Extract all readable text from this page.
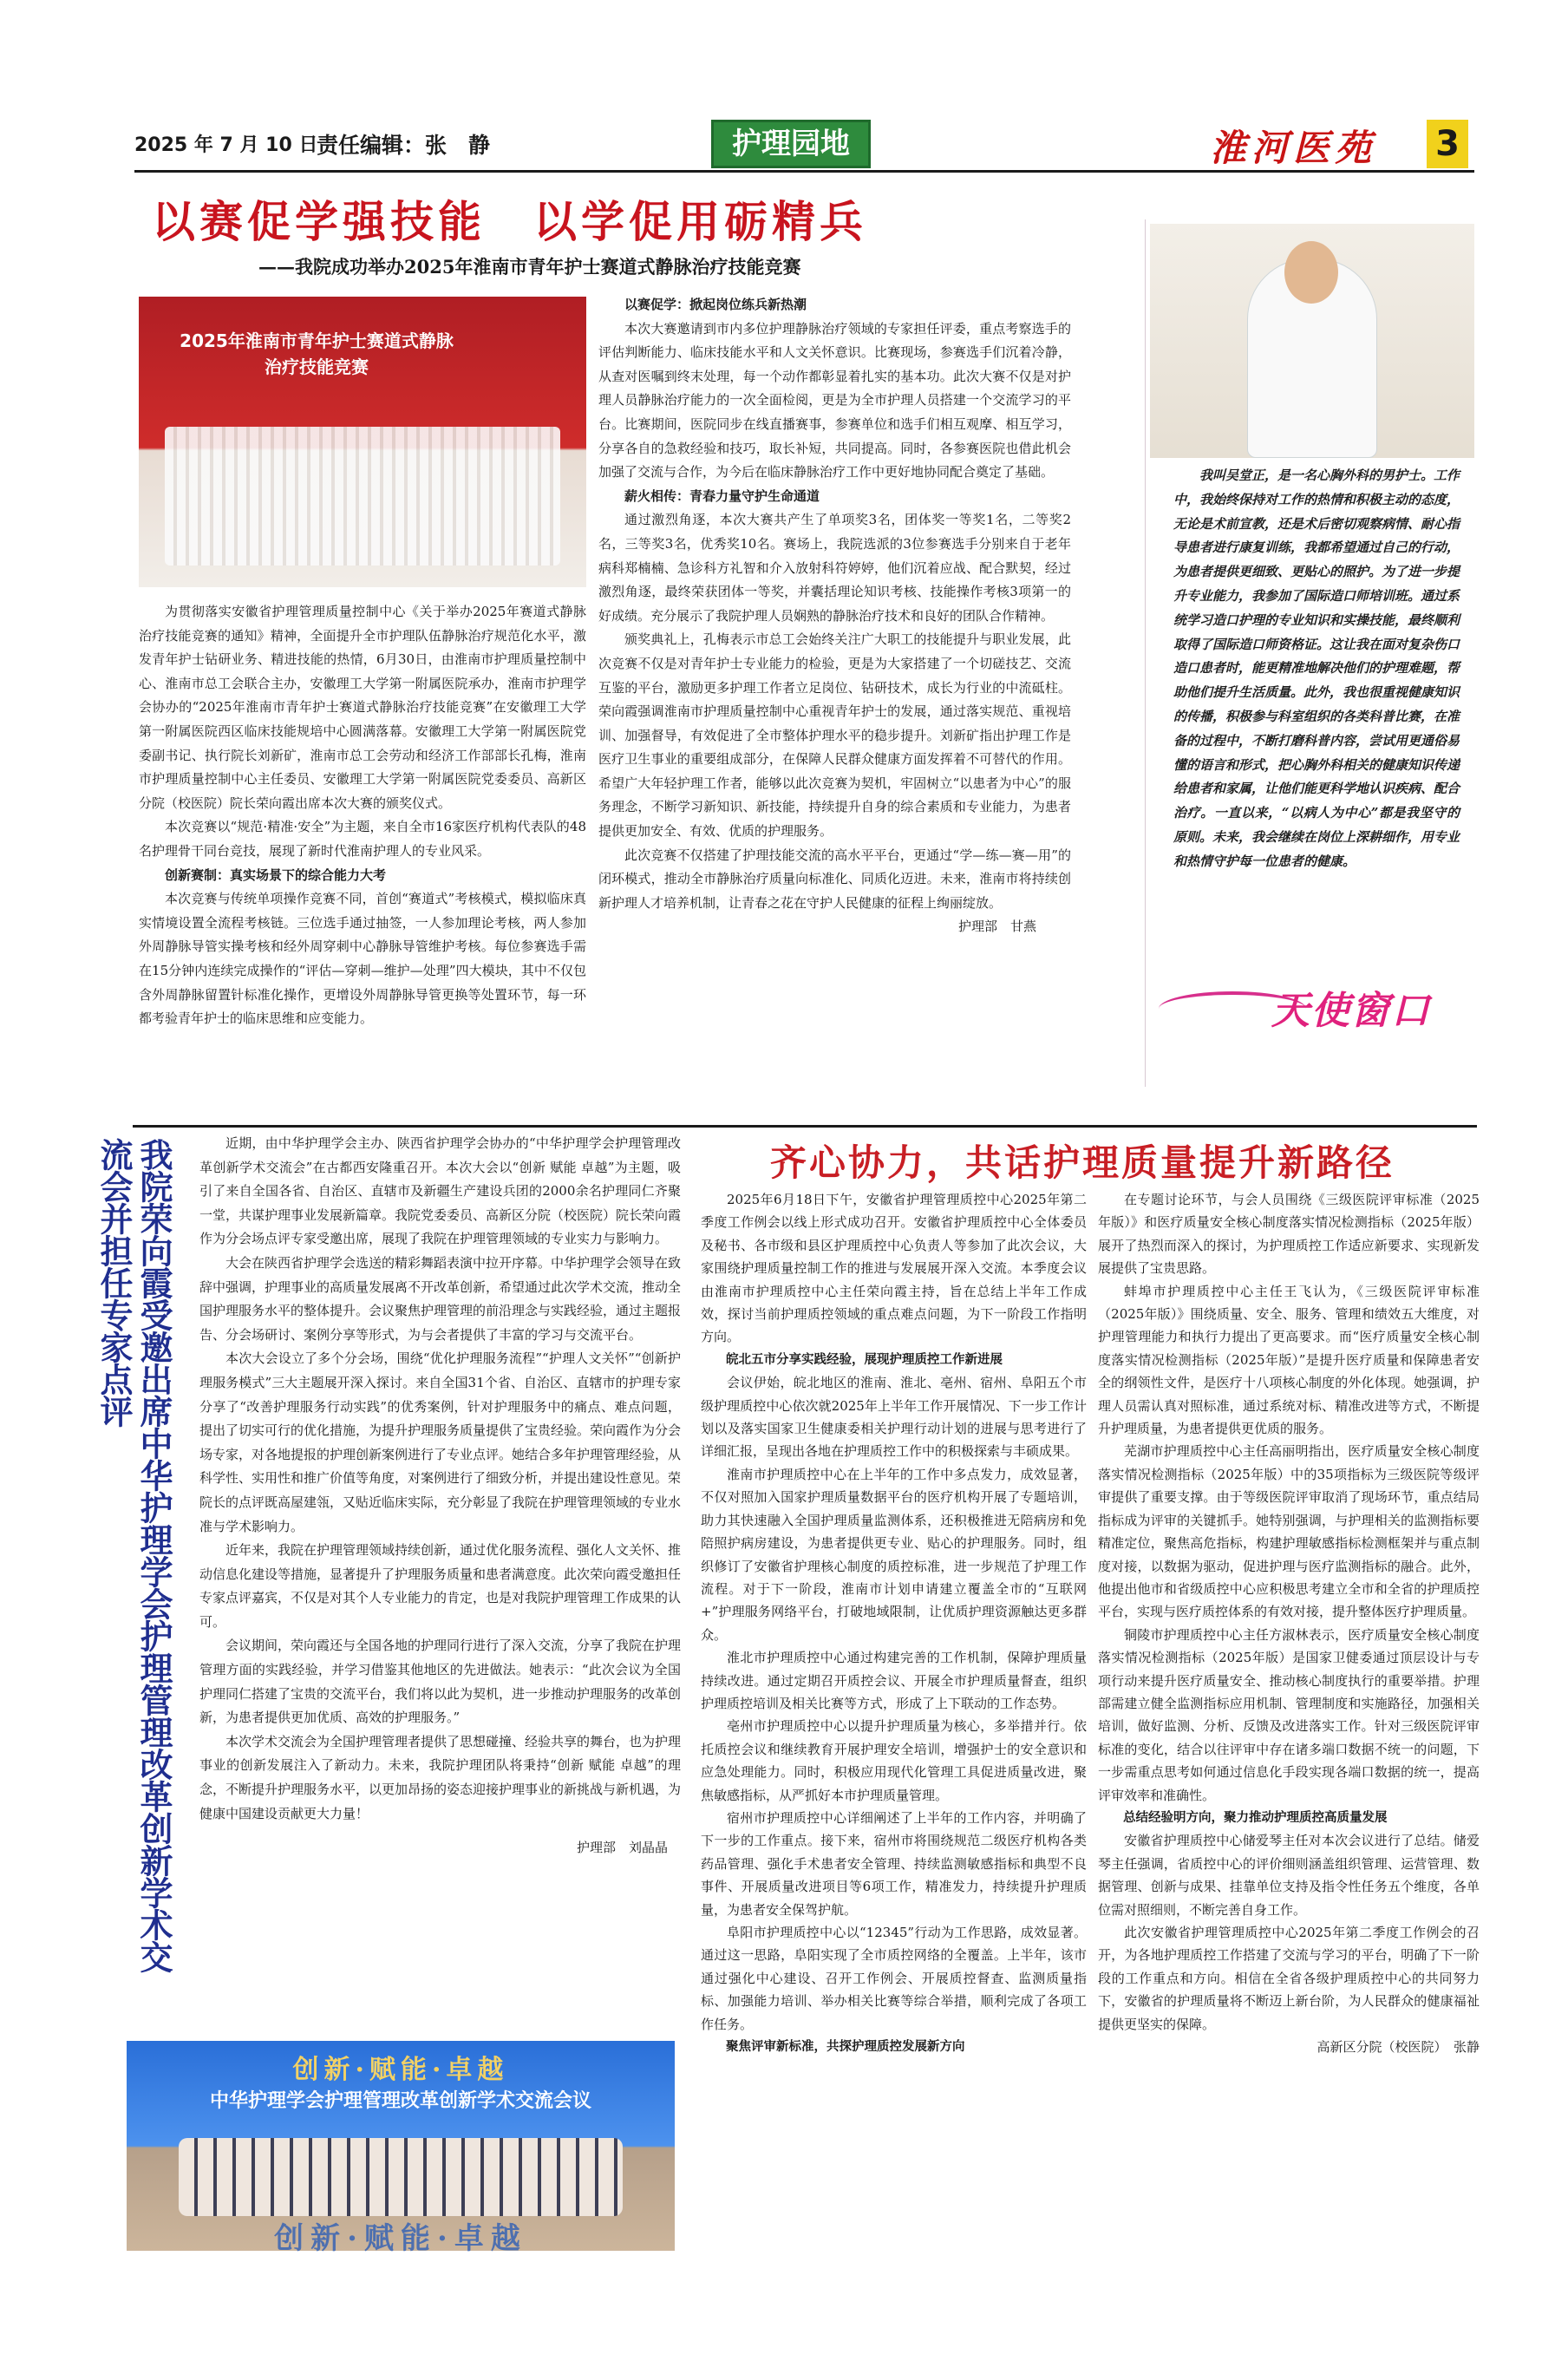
2025 年 7 月 10 日
责任编辑： 张　静	护理园地	淮河医苑 3
以赛促学强技能　以学促用砺精兵
——我院成功举办2025年淮南市青年护士赛道式静脉治疗技能竞赛
2025年淮南市青年护士赛道式静脉治疗技能竞赛

为贯彻落实安徽省护理管理质量控制中心《关于举办2025年赛道式静脉治疗技能竞赛的通知》精神，全面提升全市护理队伍静脉治疗规范化水平，激发青年护士钻研业务、精进技能的热情，6月30日，由淮南市护理质量控制中心、淮南市总工会联合主办，安徽理工大学第一附属医院承办，淮南市护理学会协办的“2025年淮南市青年护士赛道式静脉治疗技能竞赛”在安徽理工大学第一附属医院西区临床技能规培中心圆满落幕。安徽理工大学第一附属医院党委副书记、执行院长刘新矿，淮南市总工会劳动和经济工作部部长孔梅，淮南市护理质量控制中心主任委员、安徽理工大学第一附属医院党委委员、高新区分院（校医院）院长荣向霞出席本次大赛的颁奖仪式。

本次竞赛以“规范·精准·安全”为主题，来自全市16家医疗机构代表队的48名护理骨干同台竞技，展现了新时代淮南护理人的专业风采。

创新赛制：真实场景下的综合能力大考

本次竞赛与传统单项操作竞赛不同，首创“赛道式”考核模式，模拟临床真实情境设置全流程考核链。三位选手通过抽签，一人参加理论考核，两人参加外周静脉导管实操考核和经外周穿刺中心静脉导管维护考核。每位参赛选手需在15分钟内连续完成操作的“评估—穿刺—维护—处理”四大模块，其中不仅包含外周静脉留置针标准化操作，更增设外周静脉导管更换等处置环节，每一环都考验青年护士的临床思维和应变能力。

以赛促学：掀起岗位练兵新热潮

本次大赛邀请到市内多位护理静脉治疗领域的专家担任评委，重点考察选手的评估判断能力、临床技能水平和人文关怀意识。比赛现场，参赛选手们沉着冷静，从查对医嘱到终末处理，每一个动作都彰显着扎实的基本功。此次大赛不仅是对护理人员静脉治疗能力的一次全面检阅，更是为全市护理人员搭建一个交流学习的平台。比赛期间，医院同步在线直播赛事，参赛单位和选手们相互观摩、相互学习，分享各自的急救经验和技巧，取长补短，共同提高。同时，各参赛医院也借此机会加强了交流与合作，为今后在临床静脉治疗工作中更好地协同配合奠定了基础。

薪火相传：青春力量守护生命通道

通过激烈角逐，本次大赛共产生了单项奖3名，团体奖一等奖1名，二等奖2名，三等奖3名，优秀奖10名。赛场上，我院选派的3位参赛选手分别来自于老年病科郑楠楠、急诊科方礼智和介入放射科符婷婷，他们沉着应战、配合默契，经过激烈角逐，最终荣获团体一等奖，并囊括理论知识考核、技能操作考核3项第一的好成绩。充分展示了我院护理人员娴熟的静脉治疗技术和良好的团队合作精神。

颁奖典礼上，孔梅表示市总工会始终关注广大职工的技能提升与职业发展，此次竞赛不仅是对青年护士专业能力的检验，更是为大家搭建了一个切磋技艺、交流互鉴的平台，激励更多护理工作者立足岗位、钻研技术，成长为行业的中流砥柱。荣向霞强调淮南市护理质量控制中心重视青年护士的发展，通过落实规范、重视培训、加强督导，有效促进了全市整体护理水平的稳步提升。刘新矿指出护理工作是医疗卫生事业的重要组成部分，在保障人民群众健康方面发挥着不可替代的作用。希望广大年轻护理工作者，能够以此次竞赛为契机，牢固树立“以患者为中心”的服务理念，不断学习新知识、新技能，持续提升自身的综合素质和专业能力，为患者提供更加安全、有效、优质的护理服务。

此次竞赛不仅搭建了护理技能交流的高水平平台，更通过“学—练—赛—用”的闭环模式，推动全市静脉治疗质量向标准化、同质化迈进。未来，淮南市将持续创新护理人才培养机制，让青春之花在守护人民健康的征程上绚丽绽放。

护理部　甘燕

我叫吴堂正，是一名心胸外科的男护士。工作中，我始终保持对工作的热情和积极主动的态度，无论是术前宣教，还是术后密切观察病情、耐心指导患者进行康复训练，我都希望通过自己的行动，为患者提供更细致、更贴心的照护。为了进一步提升专业能力，我参加了国际造口师培训班。通过系统学习造口护理的专业知识和实操技能，最终顺利取得了国际造口师资格证。这让我在面对复杂伤口造口患者时，能更精准地解决他们的护理难题，帮助他们提升生活质量。此外，我也很重视健康知识的传播，积极参与科室组织的各类科普比赛，在准备的过程中，不断打磨科普内容，尝试用更通俗易懂的语言和形式，把心胸外科相关的健康知识传递给患者和家属，让他们能更科学地认识疾病、配合治疗。一直以来，“以病人为中心”都是我坚守的原则。未来，我会继续在岗位上深耕细作，用专业和热情守护每一位患者的健康。
天使窗口
我院荣向霞受邀出席中华护理学会护理管理改革创新学术交流会并担任专家点评	近期，由中华护理学会主办、陕西省护理学会协办的“中华护理学会护理管理改革创新学术交流会”在古都西安隆重召开。本次大会以“创新 赋能 卓越”为主题，吸引了来自全国各省、自治区、直辖市及新疆生产建设兵团的2000余名护理同仁齐聚一堂，共谋护理事业发展新篇章。我院党委委员、高新区分院（校医院）院长荣向霞作为分会场点评专家受邀出席，展现了我院在护理管理领域的专业实力与影响力。

大会在陕西省护理学会选送的精彩舞蹈表演中拉开序幕。中华护理学会领导在致辞中强调，护理事业的高质量发展离不开改革创新，希望通过此次学术交流，推动全国护理服务水平的整体提升。会议聚焦护理管理的前沿理念与实践经验，通过主题报告、分会场研讨、案例分享等形式，为与会者提供了丰富的学习与交流平台。

本次大会设立了多个分会场，围绕“优化护理服务流程”“护理人文关怀”“创新护理服务模式”三大主题展开深入探讨。来自全国31个省、自治区、直辖市的护理专家分享了“改善护理服务行动实践”的优秀案例，针对护理服务中的痛点、难点问题，提出了切实可行的优化措施，为提升护理服务质量提供了宝贵经验。荣向霞作为分会场专家，对各地提报的护理创新案例进行了专业点评。她结合多年护理管理经验，从科学性、实用性和推广价值等角度，对案例进行了细致分析，并提出建设性意见。荣院长的点评既高屋建瓴，又贴近临床实际，充分彰显了我院在护理管理领域的专业水准与学术影响力。

近年来，我院在护理管理领域持续创新，通过优化服务流程、强化人文关怀、推动信息化建设等措施，显著提升了护理服务质量和患者满意度。此次荣向霞受邀担任专家点评嘉宾，不仅是对其个人专业能力的肯定，也是对我院护理管理工作成果的认可。

会议期间，荣向霞还与全国各地的护理同行进行了深入交流，分享了我院在护理管理方面的实践经验，并学习借鉴其他地区的先进做法。她表示：“此次会议为全国护理同仁搭建了宝贵的交流平台，我们将以此为契机，进一步推动护理服务的改革创新，为患者提供更加优质、高效的护理服务。”

本次学术交流会为全国护理管理者提供了思想碰撞、经验共享的舞台，也为护理事业的创新发展注入了新动力。未来，我院护理团队将秉持“创新 赋能 卓越”的理念，不断提升护理服务水平，以更加昂扬的姿态迎接护理事业的新挑战与新机遇，为健康中国建设贡献更大力量！

护理部　刘晶晶

创新·赋能·卓越
中华护理学会护理管理改革创新学术交流会议
创新·赋能·卓越
齐心协力，共话护理质量提升新路径

2025年6月18日下午，安徽省护理管理质控中心2025年第二季度工作例会以线上形式成功召开。安徽省护理质控中心全体委员及秘书、各市级和县区护理质控中心负责人等参加了此次会议，大家围绕护理质量控制工作的推进与发展展开深入交流。本季度会议由淮南市护理质控中心主任荣向霞主持，旨在总结上半年工作成效，探讨当前护理质控领域的重点难点问题，为下一阶段工作指明方向。

皖北五市分享实践经验，展现护理质控工作新进展

会议伊始，皖北地区的淮南、淮北、亳州、宿州、阜阳五个市级护理质控中心依次就2025年上半年工作开展情况、下一步工作计划以及落实国家卫生健康委相关护理行动计划的进展与思考进行了详细汇报，呈现出各地在护理质控工作中的积极探索与丰硕成果。

淮南市护理质控中心在上半年的工作中多点发力，成效显著，不仅对照加入国家护理质量数据平台的医疗机构开展了专题培训，助力其快速融入全国护理质量监测体系，还积极推进无陪病房和免陪照护病房建设，为患者提供更专业、贴心的护理服务。同时，组织修订了安徽省护理核心制度的质控标准，进一步规范了护理工作流程。对于下一阶段，淮南市计划申请建立覆盖全市的“互联网+”护理服务网络平台，打破地域限制，让优质护理资源触达更多群众。

淮北市护理质控中心通过构建完善的工作机制，保障护理质量持续改进。通过定期召开质控会议、开展全市护理质量督查，组织护理质控培训及相关比赛等方式，形成了上下联动的工作态势。

亳州市护理质控中心以提升护理质量为核心，多举措并行。依托质控会议和继续教育开展护理安全培训，增强护士的安全意识和应急处理能力。同时，积极应用现代化管理工具促进质量改进，聚焦敏感指标，从严抓好本市护理质量管理。

宿州市护理质控中心详细阐述了上半年的工作内容，并明确了下一步的工作重点。接下来，宿州市将围绕规范二级医疗机构各类药品管理、强化手术患者安全管理、持续监测敏感指标和典型不良事件、开展质量改进项目等6项工作，精准发力，持续提升护理质量，为患者安全保驾护航。

阜阳市护理质控中心以“12345”行动为工作思路，成效显著。通过这一思路，阜阳实现了全市质控网络的全覆盖。上半年，该市通过强化中心建设、召开工作例会、开展质控督查、监测质量指标、加强能力培训、举办相关比赛等综合举措，顺利完成了各项工作任务。

聚焦评审新标准，共探护理质控发展新方向

在专题讨论环节，与会人员围绕《三级医院评审标准（2025年版）》和医疗质量安全核心制度落实情况检测指标（2025年版）展开了热烈而深入的探讨，为护理质控工作适应新要求、实现新发展提供了宝贵思路。

蚌埠市护理质控中心主任王飞认为，《三级医院评审标准（2025年版）》围绕质量、安全、服务、管理和绩效五大维度，对护理管理能力和执行力提出了更高要求。而“医疗质量安全核心制度落实情况检测指标（2025年版）”是提升医疗质量和保障患者安全的纲领性文件，是医疗十八项核心制度的外化体现。她强调，护理人员需认真对照标准，通过系统对标、精准改进等方式，不断提升护理质量，为患者提供更优质的服务。

芜湖市护理质控中心主任高丽明指出，医疗质量安全核心制度落实情况检测指标（2025年版）中的35项指标为三级医院等级评审提供了重要支撑。由于等级医院评审取消了现场环节，重点结局指标成为评审的关键抓手。她特别强调，与护理相关的监测指标要精准定位，聚焦高危指标，构建护理敏感指标检测框架并与重点制度对接，以数据为驱动，促进护理与医疗监测指标的融合。此外，他提出他市和省级质控中心应积极思考建立全市和全省的护理质控平台，实现与医疗质控体系的有效对接，提升整体医疗护理质量。

铜陵市护理质控中心主任方淑林表示，医疗质量安全核心制度落实情况检测指标（2025年版）是国家卫健委通过顶层设计与专项行动来提升医疗质量安全、推动核心制度执行的重要举措。护理部需建立健全监测指标应用机制、管理制度和实施路径，加强相关培训，做好监测、分析、反馈及改进落实工作。针对三级医院评审标准的变化，结合以往评审中存在诸多端口数据不统一的问题，下一步需重点思考如何通过信息化手段实现各端口数据的统一，提高评审效率和准确性。

总结经验明方向，聚力推动护理质控高质量发展

安徽省护理质控中心储爱琴主任对本次会议进行了总结。储爱琴主任强调，省质控中心的评价细则涵盖组织管理、运营管理、数据管理、创新与成果、挂靠单位支持及指令性任务五个维度，各单位需对照细则，不断完善自身工作。

此次安徽省护理管理质控中心2025年第二季度工作例会的召开，为各地护理质控工作搭建了交流与学习的平台，明确了下一阶段的工作重点和方向。相信在全省各级护理质控中心的共同努力下，安徽省的护理质量将不断迈上新台阶，为人民群众的健康福祉提供更坚实的保障。

高新区分院（校医院）　张静
